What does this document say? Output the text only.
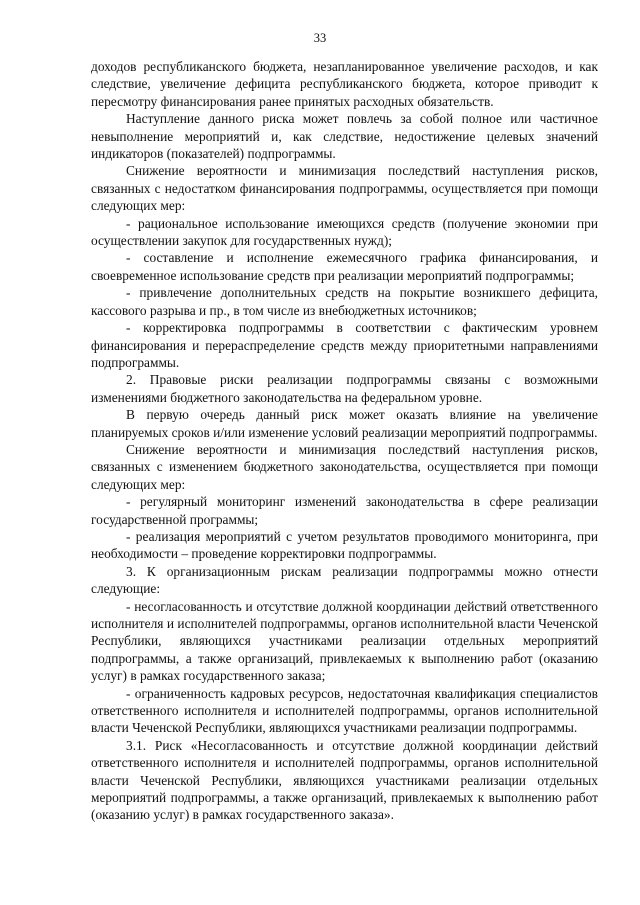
33

доходов республиканского бюджета, незапланированное увеличение расходов, и как следствие, увеличение дефицита республиканского бюджета, которое приводит к пересмотру финансирования ранее принятых расходных обязательств.

Наступление данного риска может повлечь за собой полное или частичное невыполнение мероприятий и, как следствие, недостижение целевых значений индикаторов (показателей) подпрограммы.

Снижение вероятности и минимизация последствий наступления рисков, связанных с недостатком финансирования подпрограммы, осуществляется при помощи следующих мер:

- рациональное использование имеющихся средств (получение экономии при осуществлении закупок для государственных нужд);

- составление и исполнение ежемесячного графика финансирования, и своевременное использование средств при реализации мероприятий подпрограммы;

- привлечение дополнительных средств на покрытие возникшего дефицита, кассового разрыва и пр., в том числе из внебюджетных источников;

- корректировка подпрограммы в соответствии с фактическим уровнем финансирования и перераспределение средств между приоритетными направлениями подпрограммы.

2. Правовые риски реализации подпрограммы связаны с возможными изменениями бюджетного законодательства на федеральном уровне.

В первую очередь данный риск может оказать влияние на увеличение планируемых сроков и/или изменение условий реализации мероприятий подпрограммы.

Снижение вероятности и минимизация последствий наступления рисков, связанных с изменением бюджетного законодательства, осуществляется при помощи следующих мер:

- регулярный мониторинг изменений законодательства в сфере реализации государственной программы;

- реализация мероприятий с учетом результатов проводимого мониторинга, при необходимости – проведение корректировки подпрограммы.

3. К организационным рискам реализации подпрограммы можно отнести следующие:

- несогласованность и отсутствие должной координации действий ответственного исполнителя и исполнителей подпрограммы, органов исполнительной власти Чеченской Республики, являющихся участниками реализации отдельных мероприятий подпрограммы, а также организаций, привлекаемых к выполнению работ (оказанию услуг) в рамках государственного заказа;

- ограниченность кадровых ресурсов, недостаточная квалификация специалистов ответственного исполнителя и исполнителей подпрограммы, органов исполнительной власти Чеченской Республики, являющихся участниками реализации подпрограммы.

3.1. Риск «Несогласованность и отсутствие должной координации действий ответственного исполнителя и исполнителей подпрограммы, органов исполнительной власти Чеченской Республики, являющихся участниками реализации отдельных мероприятий подпрограммы, а также организаций, привлекаемых к выполнению работ (оказанию услуг) в рамках государственного заказа».
